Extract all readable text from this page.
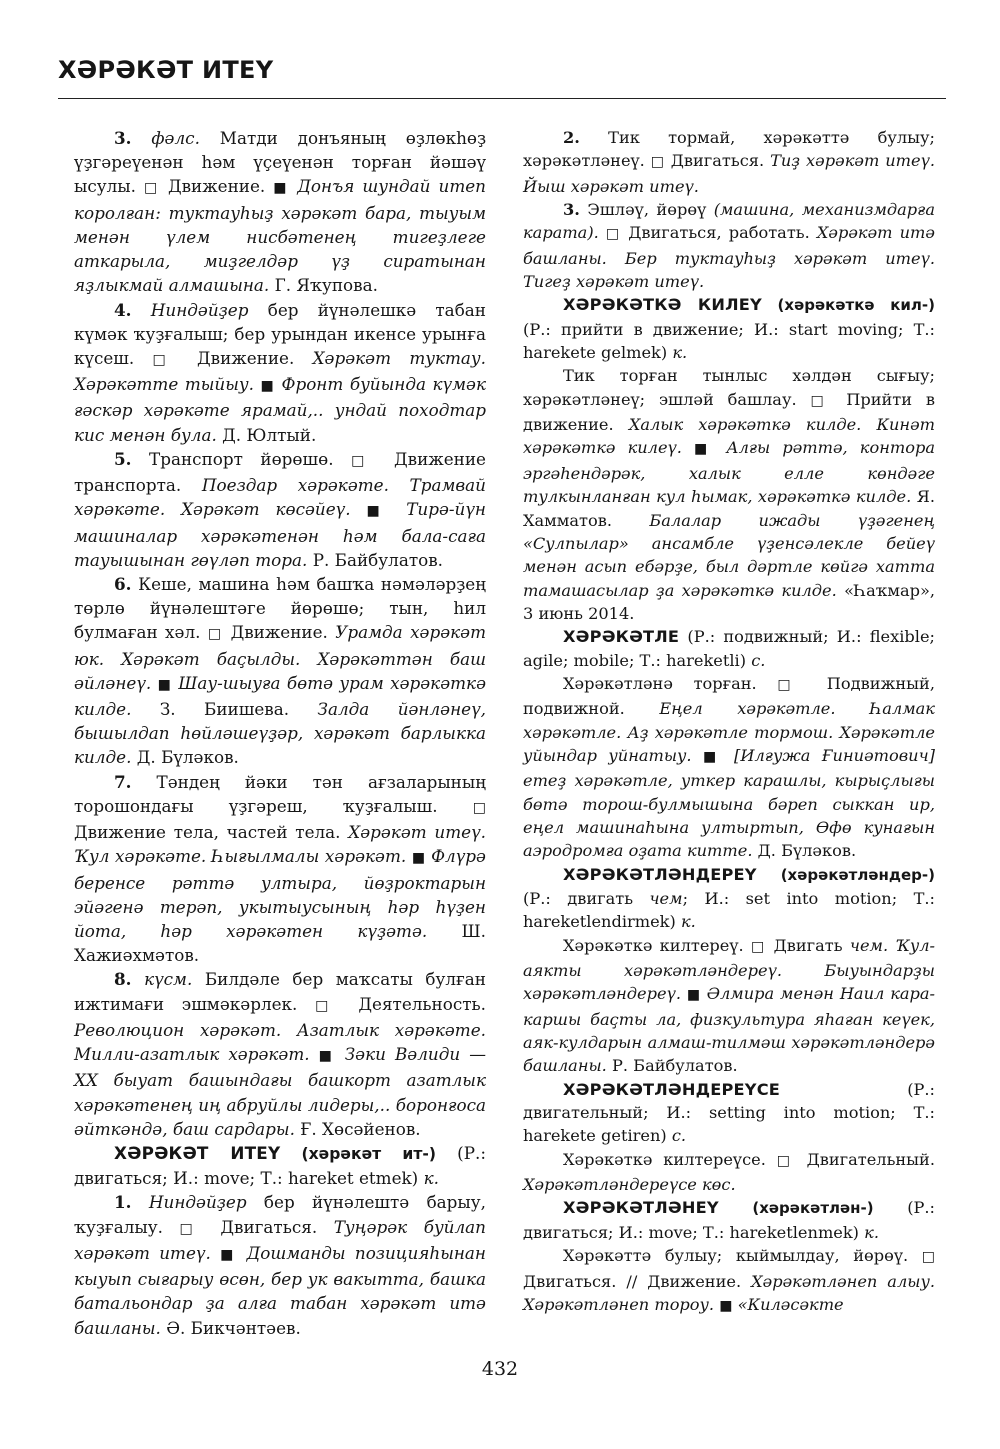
ХӘРӘКӘТ ИТЕҮ

3. фәлс. Матди донъяның өҙлөкһөҙ үҙгәреүенән һәм үҫеүенән торған йәшәү ысулы. □ Движение. ■ Донъя шундай итеп королған: туктауһыҙ хәрәкәт бара, тыуым менән үлем нисбәтенең тигеҙлеге аткарыла, миҙгелдәр үҙ сиратынан яҙлыкмай алмашына. Г. Яҡупова.

4. Ниндәйҙер бер йүнәлешкә табан күмәк ҡуҙғалыш; бер урындан икенсе урынға күсеш. □ Движение. Хәрәкәт туктау. Хәрәкәтте тыйыу. ■ Фронт буйында күмәк ғәскәр хәрәкәте ярамай,.. ундай походтар кис менән була. Д. Юлтый.

5. Транспорт йөрөшө. □ Движение транспорта. Поездар хәрәкәте. Трамвай хәрәкәте. Хәрәкәт көсәйеү. ■ Тирә-йүн машиналар хәрәкәтенән һәм бала-саға тауышынан гөүләп тора. Р. Байбулатов.

6. Кеше, машина һәм башҡа нәмәләрҙең төрлө йүнәлештәге йөрөшө; тын, һил булмаған хәл. □ Движение. Урамда хәрәкәт юк. Хәрәкәт баҫылды. Хәрәкәттән баш әйләнеү. ■ Шау-шыуға бөтә урам хәрәкәткә килде. З. Биишева. Залда йәнләнеү, бышылдап һөйләшеүҙәр, хәрәкәт барлыкка килде. Д. Бүләков.

7. Тәндең йәки тән ағзаларының торошондағы үҙгәреш, ҡуҙғалыш.	□ Движение тела, частей тела. Хәрәкәт итеү. Ҡул хәрәкәте. Һығылмалы хәрәкәт. ■ Флүрә беренсе рәттә ултыра, йөҙроктарын эйәгенә терәп, укытыусының һәр һүҙен йота, һәр хәрәкәтен күҙәтә. Ш. Хажиәхмәтов.

8. күсм. Билдәле бер маҡсаты булған ижтимағи эшмәкәрлек. □ Деятельность. Революцион хәрәкәт. Азатлык хәрәкәте. Милли-азатлык хәрәкәт. ■ Зәки Вәлиди — XX быуат башындағы башкорт азатлык хәрәкәтенең иң абруйлы лидеры,.. боронғоса әйткәндә, баш сардары. Ғ. Хөсәйенов.

ХӘРӘКӘТ ИТЕҮ (хәрәкәт ит-) (Р.: двигаться; И.: move; Т.: hareket etmek) к.

1. Ниндәйҙер бер йүнәлештә барыу, ҡуҙғалыу. □ Двигаться. Туңәрәк буйлап хәрәкәт итеү. ■ Дошманды позицияһынан кыуып сығарыу өсөн, бер ук вакытта, башка батальондар ҙа алға табан хәрәкәт итә башланы. Ә. Бикчәнтәев.

2. Тик тормай, хәрәкәттә булыу; хәрәкәтләнеү. □ Двигаться. Тиҙ хәрәкәт итеү. Йыш хәрәкәт итеү.

3. Эшләү, йөрөү (машина, механизмдарға карата). □ Двигаться, работать. Хәрәкәт итә башланы. Бер туктауһыҙ хәрәкәт итеү. Тигеҙ хәрәкәт итеү.

ХӘРӘКӘТКӘ КИЛЕҮ (хәрәкәткә кил-) (Р.: прийти в движение; И.: start moving; Т.: harekete gelmek) к.

Тик торған тынлыс хәлдән сығыу; хәрәкәтләнеү; эшләй башлау. □ Прийти в движение. Халык хәрәкәткә килде. Кинәт хәрәкәткә килеү. ■ Алғы рәттә, контора эргәһендәрәк, халык елле көндәге тулкынланған кул һымак, хәрәкәткә килде. Я. Хамматов. Балалар ижады үҙәгенең «Сулпылар» ансамбле үҙенсәлекле бейеү менән асып ебәрҙе, был дәртле көйгә хатта тамашасылар ҙа хәрәкәткә килде. «Һаҡмар», 3 июнь 2014.

ХӘРӘКӘТЛЕ (Р.: подвижный; И.: flexible; agile; mobile; Т.: hareketli) с.

Хәрәкәтләнә торған. □ Подвижный, подвижной. Еңел хәрәкәтле. Һалмак хәрәкәтле. Аҙ хәрәкәтле тормош. Хәрәкәтле уйындар уйнатыу. ■ [Илғужа Ғиниәтович] етеҙ хәрәкәтле, уткер карашлы, кырыҫлығы бөтә торош-булмышына бәреп сыккан ир, еңел машинаһына ултыртып, Өфө кунағын аэродромға оҙата китте. Д. Бүләков.

ХӘРӘКӘТЛӘНДЕРЕҮ (хәрәкәтләндер-) (Р.: двигать чем; И.: set into motion; Т.: hareketlendirmek) к.

Хәрәкәткә килтереү. □ Двигать чем. Ҡул-аякты хәрәкәтләндереү. Быуындарҙы хәрәкәтләндереү. ■ Әлмира менән Наил кара-каршы баҫты ла, физкультура яһаған кеүек, аяк-кулдарын алмаш-тилмәш хәрәкәтләндерә башланы. Р. Байбулатов.

ХӘРӘКӘТЛӘНДЕРЕҮСЕ	(Р.: двигательный; И.: setting into motion; Т.: harekete getiren) с.

Хәрәкәткә килтереүсе. □ Двигательный. Хәрәкәтләндереүсе көс.

ХӘРӘКӘТЛӘНЕҮ (хәрәкәтлән-) (Р.: двигаться; И.: move; Т.: hareketlenmek) к.

Хәрәкәттә булыу; кыймылдау, йөрөү. □ Двигаться. // Движение. Хәрәкәтләнеп алыу. Хәрәкәтләнеп тороу. ■ «Киләсәкте

432
